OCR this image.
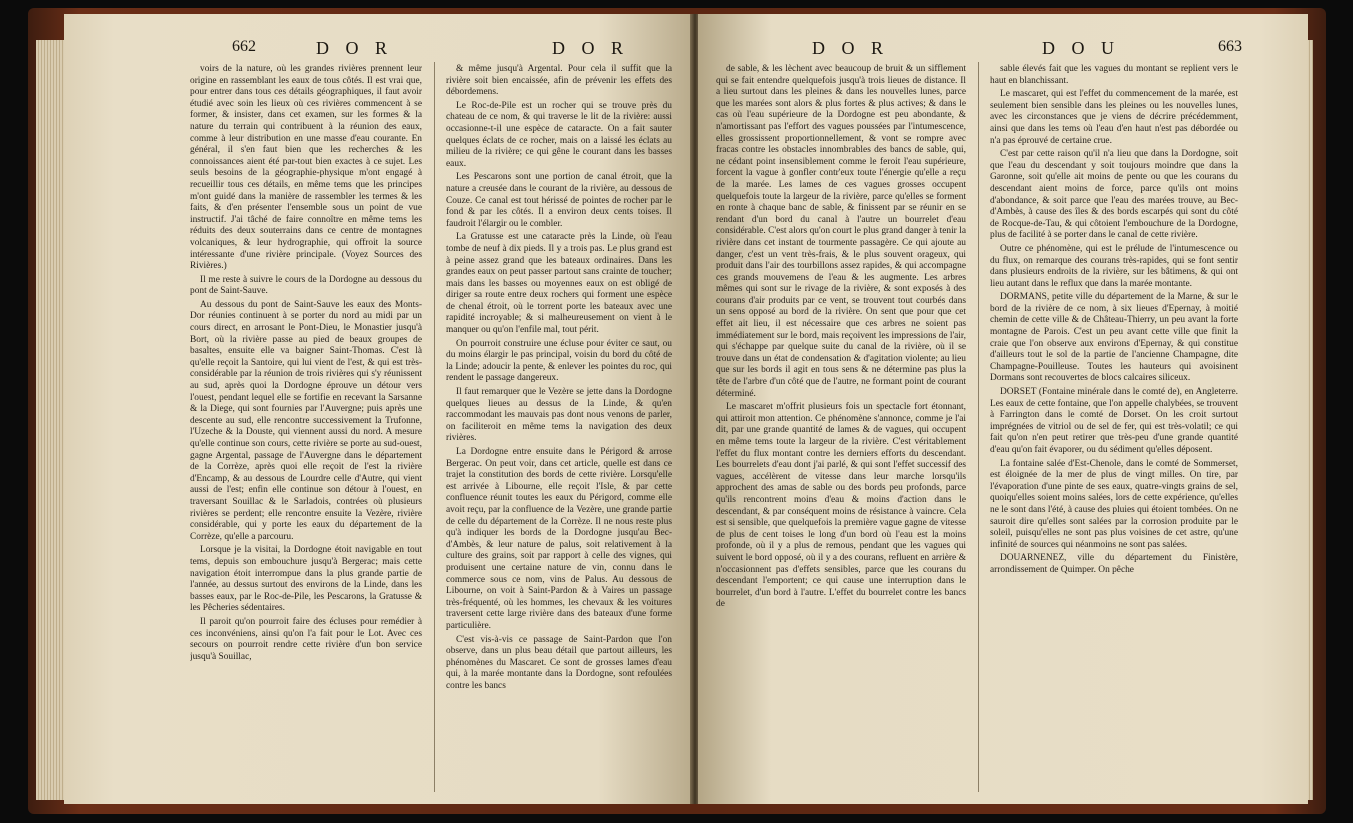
662	D O R	D O R

voirs de la nature, où les grandes rivières prennent leur origine en rassemblant les eaux de tous côtés. Il est vrai que, pour entrer dans tous ces détails géographiques, il faut avoir étudié avec soin les lieux où ces rivières commencent à se former, & insister, dans cet examen, sur les formes & la nature du terrain qui contribuent à la réunion des eaux, comme à leur distribution en une masse d'eau courante. En général, il s'en faut bien que les recherches & les connoissances aient été par-tout bien exactes à ce sujet. Les seuls besoins de la géographie-physique m'ont engagé à recueillir tous ces détails, en même tems que les principes m'ont guidé dans la manière de rassembler les termes & les faits, & d'en présenter l'ensemble sous un point de vue instructif. J'ai tâché de faire connoître en même tems les réduits des deux souterrains dans ce centre de montagnes volcaniques, & leur hydrographie, qui offroit la source intéressante d'une rivière principale. (Voyez Sources des Rivières.)

Il me reste à suivre le cours de la Dordogne au dessous du pont de Saint-Sauve.

Au dessous du pont de Saint-Sauve les eaux des Monts-Dor réunies continuent à se porter du nord au midi par un cours direct, en arrosant le Pont-Dieu, le Monastier jusqu'à Bort, où la rivière passe au pied de beaux groupes de basaltes, ensuite elle va baigner Saint-Thomas. C'est là qu'elle reçoit la Santoire, qui lui vient de l'est, & qui est très-considérable par la réunion de trois rivières qui s'y réunissent au sud, après quoi la Dordogne éprouve un détour vers l'ouest, pendant lequel elle se fortifie en recevant la Sarsanne & la Diege, qui sont fournies par l'Auvergne; puis après une descente au sud, elle rencontre successivement la Trufonne, l'Uzeche & la Douste, qui viennent aussi du nord. A mesure qu'elle continue son cours, cette rivière se porte au sud-ouest, gagne Argental, passage de l'Auvergne dans le département de la Corrèze, après quoi elle reçoit de l'est la rivière d'Encamp, & au dessous de Lourdre celle d'Autre, qui vient aussi de l'est; enfin elle continue son détour à l'ouest, en traversant Souillac & le Sarladois, contrées où plusieurs rivières se perdent; elle rencontre ensuite la Vezère, rivière considérable, qui y porte les eaux du département de la Corrèze, qu'elle a parcouru.

Lorsque je la visitai, la Dordogne étoit navigable en tout tems, depuis son embouchure jusqu'à Bergerac; mais cette navigation étoit interrompue dans la plus grande partie de l'année, au dessus surtout des environs de la Linde, dans les basses eaux, par le Roc-de-Pile, les Pescarons, la Gratusse & les Pêcheries sédentaires.

Il paroit qu'on pourroit faire des écluses pour remédier à ces inconvéniens, ainsi qu'on l'a fait pour le Lot. Avec ces secours on pourroit rendre cette rivière d'un bon service jusqu'à Souillac,

& même jusqu'à Argental. Pour cela il suffit que la rivière soit bien encaissée, afin de prévenir les effets des débordemens.

Le Roc-de-Pile est un rocher qui se trouve près du chateau de ce nom, & qui traverse le lit de la rivière: aussi occasionne-t-il une espèce de cataracte. On a fait sauter quelques éclats de ce rocher, mais on a laissé les éclats au milieu de la rivière; ce qui gêne le courant dans les basses eaux.

Les Pescarons sont une portion de canal étroit, que la nature a creusée dans le courant de la rivière, au dessous de Couze. Ce canal est tout hérissé de pointes de rocher par le fond & par les côtés. Il a environ deux cents toises. Il faudroit l'élargir ou le combler.

La Gratusse est une cataracte près la Linde, où l'eau tombe de neuf à dix pieds. Il y a trois pas. Le plus grand est à peine assez grand que les bateaux ordinaires. Dans les grandes eaux on peut passer partout sans crainte de toucher; mais dans les basses ou moyennes eaux on est obligé de diriger sa route entre deux rochers qui forment une espèce de chenal étroit, où le torrent porte les bateaux avec une rapidité incroyable; & si malheureusement on vient à le manquer ou qu'on l'enfile mal, tout périt.

On pourroit construire une écluse pour éviter ce saut, ou du moins élargir le pas principal, voisin du bord du côté de la Linde; adoucir la pente, & enlever les pointes du roc, qui rendent le passage dangereux.

Il faut remarquer que le Vezère se jette dans la Dordogne quelques lieues au dessus de la Linde, & qu'en raccommodant les mauvais pas dont nous venons de parler, on faciliteroit en même tems la navigation des deux rivières.

La Dordogne entre ensuite dans le Périgord & arrose Bergerac. On peut voir, dans cet article, quelle est dans ce trajet la constitution des bords de cette rivière. Lorsqu'elle est arrivée à Libourne, elle reçoit l'Isle, & par cette confluence réunit toutes les eaux du Périgord, comme elle avoit reçu, par la confluence de la Vezère, une grande partie de celle du département de la Corrèze. Il ne nous reste plus qu'à indiquer les bords de la Dordogne jusqu'au Bec-d'Ambès, & leur nature de palus, soit relativement à la culture des grains, soit par rapport à celle des vignes, qui produisent une certaine nature de vin, connu dans le commerce sous ce nom, vins de Palus. Au dessous de Libourne, on voit à Saint-Pardon & à Vaires un passage très-fréquenté, où les hommes, les chevaux & les voitures traversent cette large rivière dans des bateaux d'une forme particulière.

C'est vis-à-vis ce passage de Saint-Pardon que l'on observe, dans un plus beau détail que partout ailleurs, les phénomènes du Mascaret. Ce sont de grosses lames d'eau qui, à la marée montante dans la Dordogne, sont refoulées contre les bancs

D O R	D O U	663

de sable, & les lèchent avec beaucoup de bruit & un sifflement qui se fait entendre quelquefois jusqu'à trois lieues de distance. Il a lieu surtout dans les pleines & dans les nouvelles lunes, parce que les marées sont alors & plus fortes & plus actives; & dans le cas où l'eau supérieure de la Dordogne est peu abondante, & n'amortissant pas l'effort des vagues poussées par l'intumescence, elles grossissent proportionnellement, & vont se rompre avec fracas contre les obstacles innombrables des bancs de sable, qui, ne cédant point insensiblement comme le feroit l'eau supérieure, forcent la vague à gonfler contr'eux toute l'énergie qu'elle a reçu de la marée. Les lames de ces vagues grosses occupent quelquefois toute la largeur de la rivière, parce qu'elles se forment en ronte à chaque banc de sable, & finissent par se réunir en se rendant d'un bord du canal à l'autre un bourrelet d'eau considérable. C'est alors qu'on court le plus grand danger à tenir la rivière dans cet instant de tourmente passagère. Ce qui ajoute au danger, c'est un vent très-frais, & le plus souvent orageux, qui produit dans l'air des tourbillons assez rapides, & qui accompagne ces grands mouvemens de l'eau & les augmente. Les arbres mêmes qui sont sur le rivage de la rivière, & sont exposés à des courans d'air produits par ce vent, se trouvent tout courbés dans un sens opposé au bord de la rivière. On sent que pour que cet effet ait lieu, il est nécessaire que ces arbres ne soient pas immédiatement sur le bord, mais reçoivent les impressions de l'air, qui s'échappe par quelque suite du canal de la rivière, où il se trouve dans un état de condensation & d'agitation violente; au lieu que sur les bords il agit en tous sens & ne détermine pas plus la tête de l'arbre d'un côté que de l'autre, ne formant point de courant déterminé.

Le mascaret m'offrit plusieurs fois un spectacle fort étonnant, qui attiroit mon attention. Ce phénomène s'annonce, comme je l'ai dit, par une grande quantité de lames & de vagues, qui occupent en même tems toute la largeur de la rivière. C'est véritablement l'effet du flux montant contre les derniers efforts du descendant. Les bourrelets d'eau dont j'ai parlé, & qui sont l'effet successif des vagues, accélèrent de vitesse dans leur marche lorsqu'ils approchent des amas de sable ou des bords peu profonds, parce qu'ils rencontrent moins d'eau & moins d'action dans le descendant, & par conséquent moins de résistance à vaincre. Cela est si sensible, que quelquefois la première vague gagne de vitesse de plus de cent toises le long d'un bord où l'eau est la moins profonde, où il y a plus de remous, pendant que les vagues qui suivent le bord opposé, où il y a des courans, refluent en arrière & n'occasionnent pas d'effets sensibles, parce que les courans du descendant l'emportent; ce qui cause une interruption dans le bourrelet, d'un bord à l'autre. L'effet du bourrelet contre les bancs de

sable élevés fait que les vagues du montant se replient vers le haut en blanchissant.

Le mascaret, qui est l'effet du commencement de la marée, est seulement bien sensible dans les pleines ou les nouvelles lunes, avec les circonstances que je viens de décrire précédemment, ainsi que dans les tems où l'eau d'en haut n'est pas débordée ou n'a pas éprouvé de certaine crue.

C'est par cette raison qu'il n'a lieu que dans la Dordogne, soit que l'eau du descendant y soit toujours moindre que dans la Garonne, soit qu'elle ait moins de pente ou que les courans du descendant aient moins de force, parce qu'ils ont moins d'abondance, & soit parce que l'eau des marées trouve, au Bec-d'Ambès, à cause des îles & des bords escarpés qui sont du côté de Rocque-de-Tau, & qui côtoient l'embouchure de la Dordogne, plus de facilité à se porter dans le canal de cette rivière.

Outre ce phénomène, qui est le prélude de l'intumescence ou du flux, on remarque des courans très-rapides, qui se font sentir dans plusieurs endroits de la rivière, sur les bâtimens, & qui ont lieu autant dans le reflux que dans la marée montante.

DORMANS, petite ville du département de la Marne, & sur le bord de la rivière de ce nom, à six lieues d'Epernay, à moitié chemin de cette ville & de Château-Thierry, un peu avant la forte montagne de Parois. C'est un peu avant cette ville que finit la craie que l'on observe aux environs d'Epernay, & qui constitue d'ailleurs tout le sol de la partie de l'ancienne Champagne, dite Champagne-Pouilleuse. Toutes les hauteurs qui avoisinent Dormans sont recouvertes de blocs calcaires siliceux.

DORSET (Fontaine minérale dans le comté de), en Angleterre. Les eaux de cette fontaine, que l'on appelle chalybées, se trouvent à Farrington dans le comté de Dorset. On les croit surtout imprégnées de vitriol ou de sel de fer, qui est très-volatil; ce qui fait qu'on n'en peut retirer que très-peu d'une grande quantité d'eau qu'on fait évaporer, ou du sédiment qu'elles déposent.

La fontaine salée d'Est-Chenole, dans le comté de Sommerset, est éloignée de la mer de plus de vingt milles. On tire, par l'évaporation d'une pinte de ses eaux, quatre-vingts grains de sel, quoiqu'elles soient moins salées, lors de cette expérience, qu'elles ne le sont dans l'été, à cause des pluies qui étoient tombées. On ne sauroit dire qu'elles sont salées par la corrosion produite par le soleil, puisqu'elles ne sont pas plus voisines de cet astre, qu'une infinité de sources qui néanmoins ne sont pas salées.

DOUARNENEZ, ville du département du Finistère, arrondissement de Quimper. On pêche
